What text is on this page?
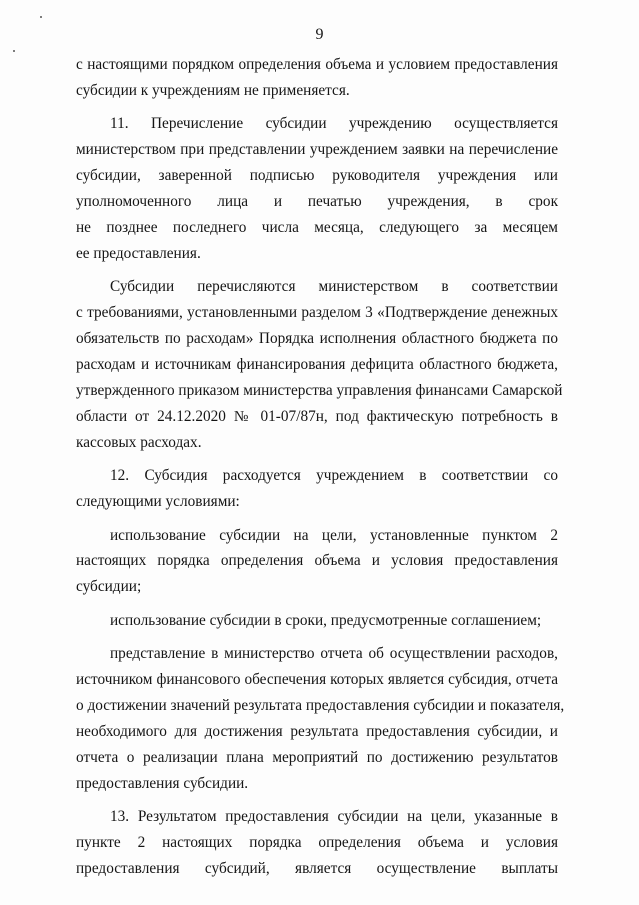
9
с настоящими порядком определения объема и условием предоставления
субсидии к учреждениям не применяется.
11. Перечисление субсидии учреждению осуществляется
министерством при представлении учреждением заявки на перечисление
субсидии, заверенной подписью руководителя учреждения или
уполномоченного лица и печатью учреждения, в срок
не позднее последнего числа месяца, следующего за месяцем
ее предоставления.
Субсидии перечисляются министерством в соответствии
с требованиями, установленными разделом 3 «Подтверждение денежных
обязательств по расходам» Порядка исполнения областного бюджета по
расходам и источникам финансирования дефицита областного бюджета,
утвержденного приказом министерства управления финансами Самарской
области от 24.12.2020 № 01-07/87н, под фактическую потребность в
кассовых расходах.
12. Субсидия расходуется учреждением в соответствии со
следующими условиями:
использование субсидии на цели, установленные пунктом 2
настоящих порядка определения объема и условия предоставления
субсидии;
использование субсидии в сроки, предусмотренные соглашением;
представление в министерство отчета об осуществлении расходов,
источником финансового обеспечения которых является субсидия, отчета
о достижении значений результата предоставления субсидии и показателя,
необходимого для достижения результата предоставления субсидии, и
отчета о реализации плана мероприятий по достижению результатов
предоставления субсидии.
13. Результатом предоставления субсидии на цели, указанные в
пункте 2 настоящих порядка определения объема и условия
предоставления субсидий, является осуществление выплаты
